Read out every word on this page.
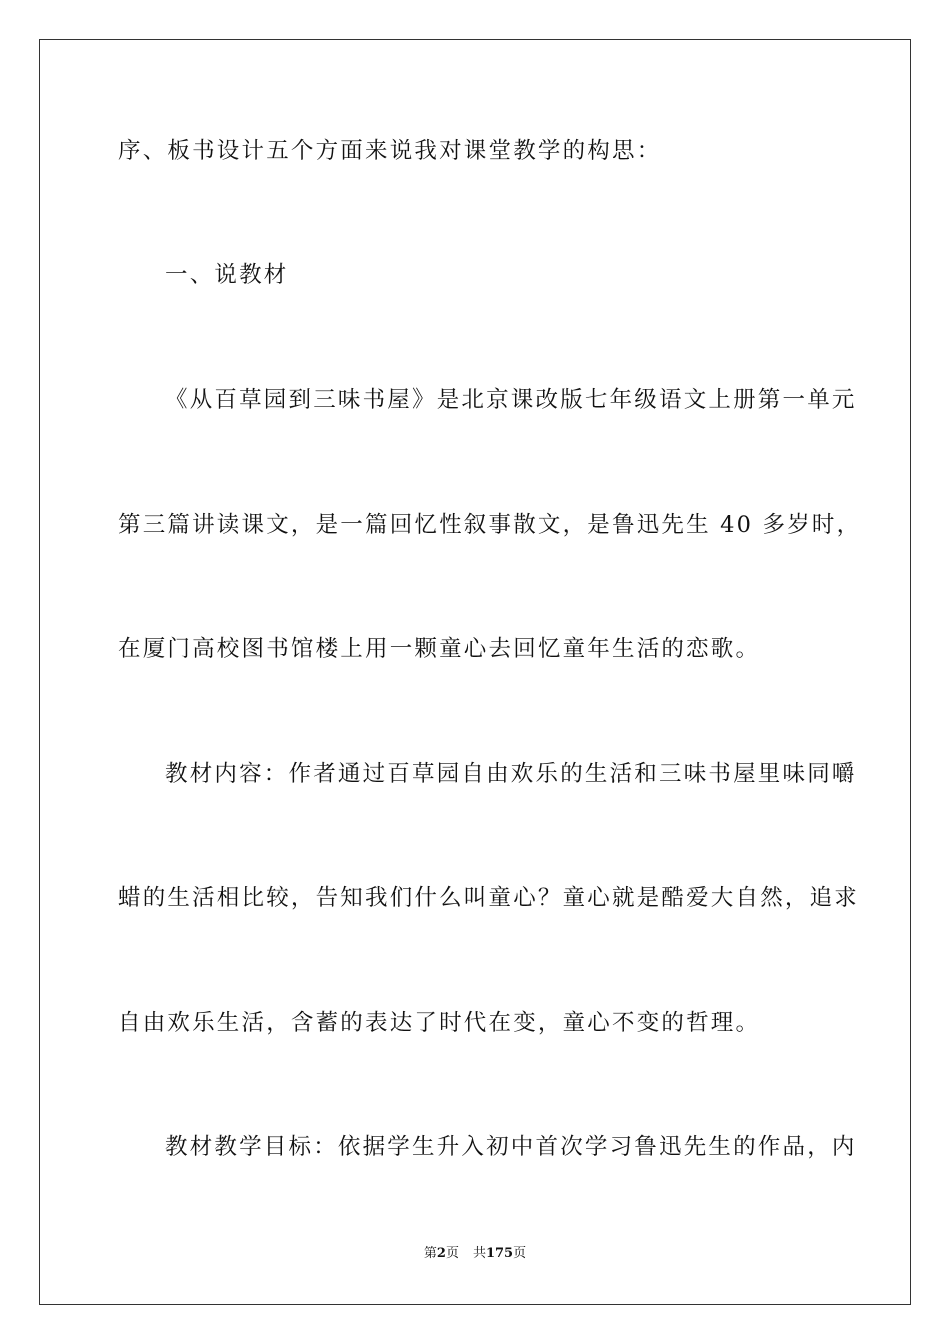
序、板书设计五个方面来说我对课堂教学的构思：
一、说教材
《从百草园到三味书屋》是北京课改版七年级语文上册第一单元
第三篇讲读课文，是一篇回忆性叙事散文，是鲁迅先生 40 多岁时，
在厦门高校图书馆楼上用一颗童心去回忆童年生活的恋歌。
教材内容：作者通过百草园自由欢乐的生活和三味书屋里味同嚼
蜡的生活相比较，告知我们什么叫童心？童心就是酷爱大自然，追求
自由欢乐生活，含蓄的表达了时代在变，童心不变的哲理。
教材教学目标：依据学生升入初中首次学习鲁迅先生的作品，内
第2页 共175页
